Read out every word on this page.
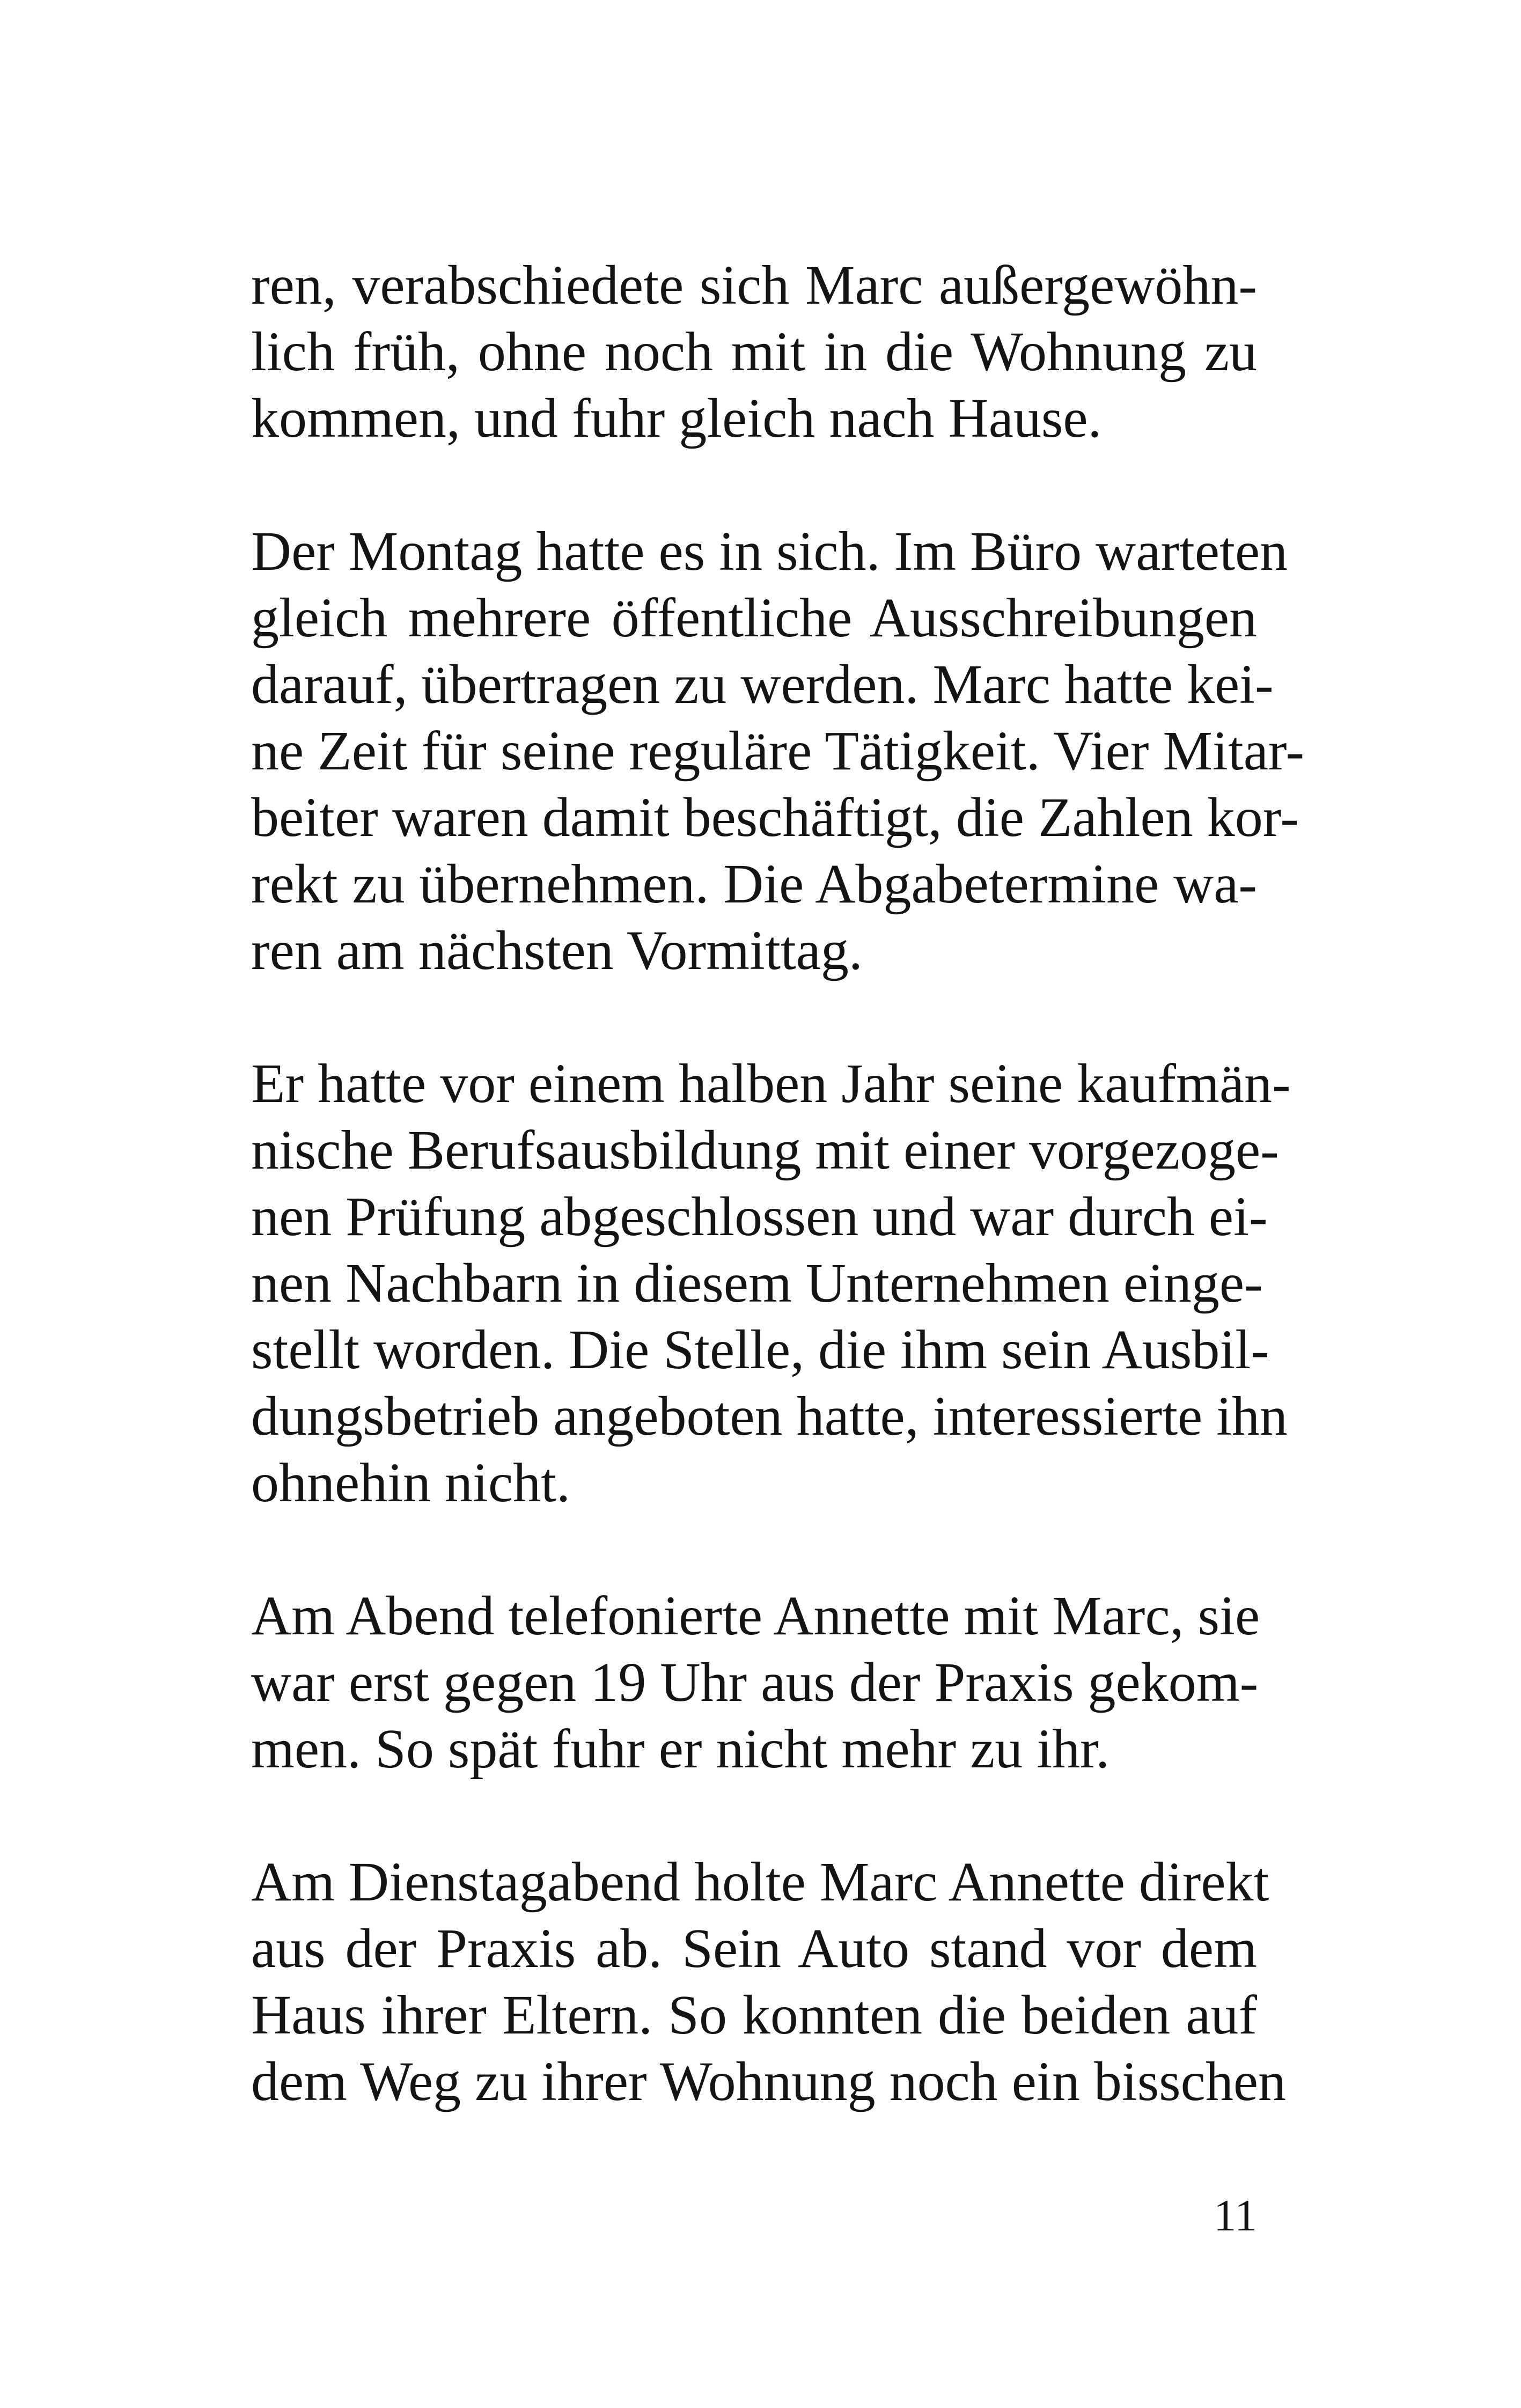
ren, verabschiedete sich Marc außergewöhn-
lich früh, ohne noch mit in die Wohnung zu
kommen, und fuhr gleich nach Hause.
Der Montag hatte es in sich. Im Büro warteten
gleich mehrere öffentliche Ausschreibungen
darauf, übertragen zu werden. Marc hatte kei-
ne Zeit für seine reguläre Tätigkeit. Vier Mitar-
beiter waren damit beschäftigt, die Zahlen kor-
rekt zu übernehmen. Die Abgabetermine wa-
ren am nächsten Vormittag.
Er hatte vor einem halben Jahr seine kaufmän-
nische Berufsausbildung mit einer vorgezoge-
nen Prüfung abgeschlossen und war durch ei-
nen Nachbarn in diesem Unternehmen einge-
stellt worden. Die Stelle, die ihm sein Ausbil-
dungsbetrieb angeboten hatte, interessierte ihn
ohnehin nicht.
Am Abend telefonierte Annette mit Marc, sie
war erst gegen 19 Uhr aus der Praxis gekom-
men. So spät fuhr er nicht mehr zu ihr.
Am Dienstagabend holte Marc Annette direkt
aus der Praxis ab. Sein Auto stand vor dem
Haus ihrer Eltern. So konnten die beiden auf
dem Weg zu ihrer Wohnung noch ein bisschen
11
